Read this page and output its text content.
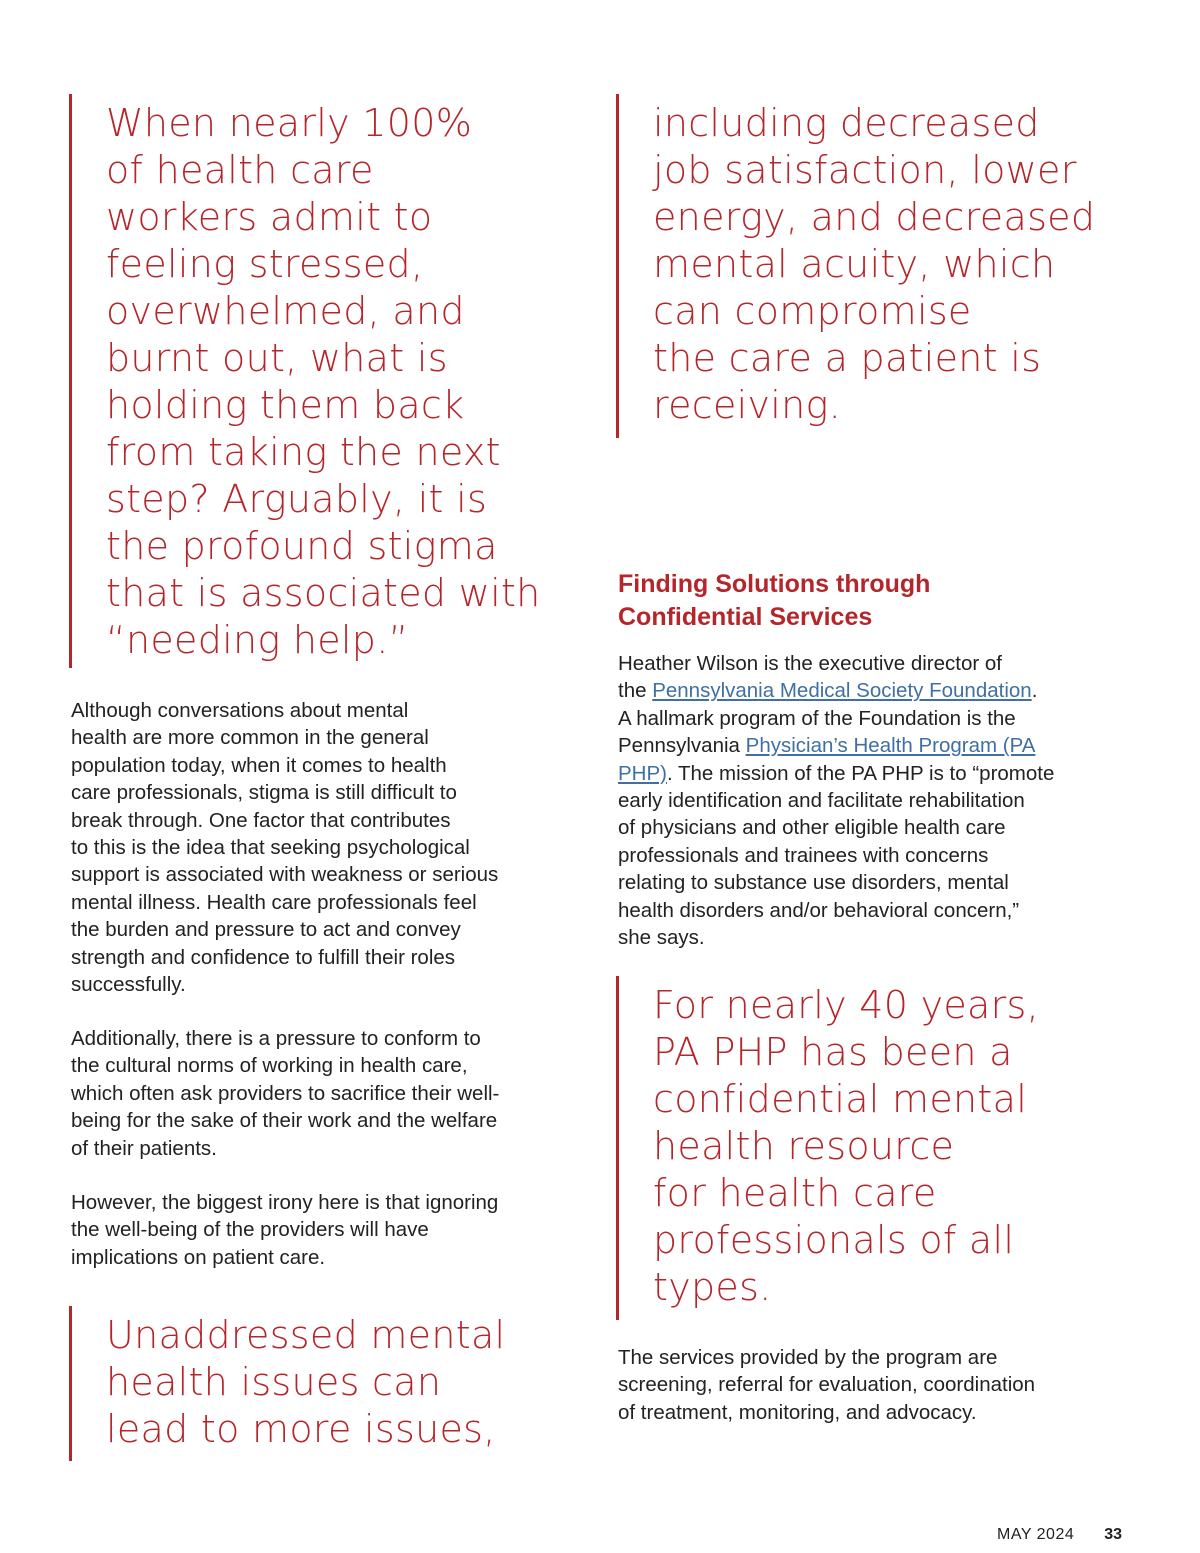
When nearly 100%
of health care
workers admit to
feeling stressed,
overwhelmed, and
burnt out, what is
holding them back
from taking the next
step? Arguably, it is
the profound stigma
that is associated with
“needing help.”

Although conversations about mental
health are more common in the general
population today, when it comes to health
care professionals, stigma is still difficult to
break through. One factor that contributes
to this is the idea that seeking psychological
support is associated with weakness or serious
mental illness. Health care professionals feel
the burden and pressure to act and convey
strength and confidence to fulfill their roles
successfully.

Additionally, there is a pressure to conform to
the cultural norms of working in health care,
which often ask providers to sacrifice their well-
being for the sake of their work and the welfare
of their patients.

However, the biggest irony here is that ignoring
the well-being of the providers will have
implications on patient care.

Unaddressed mental
health issues can
lead to more issues,
including decreased
job satisfaction, lower
energy, and decreased
mental acuity, which
can compromise
the care a patient is
receiving.
Finding Solutions through
Confidential Services

Heather Wilson is the executive director of
the Pennsylvania Medical Society Foundation.
A hallmark program of the Foundation is the
Pennsylvania Physician’s Health Program (PA
PHP). The mission of the PA PHP is to “promote
early identification and facilitate rehabilitation
of physicians and other eligible health care
professionals and trainees with concerns
relating to substance use disorders, mental
health disorders and/or behavioral concern,”
she says.

For nearly 40 years,
PA PHP has been a
confidential mental
health resource
for health care
professionals of all
types.

The services provided by the program are
screening, referral for evaluation, coordination
of treatment, monitoring, and advocacy.

MAY 2024 33
